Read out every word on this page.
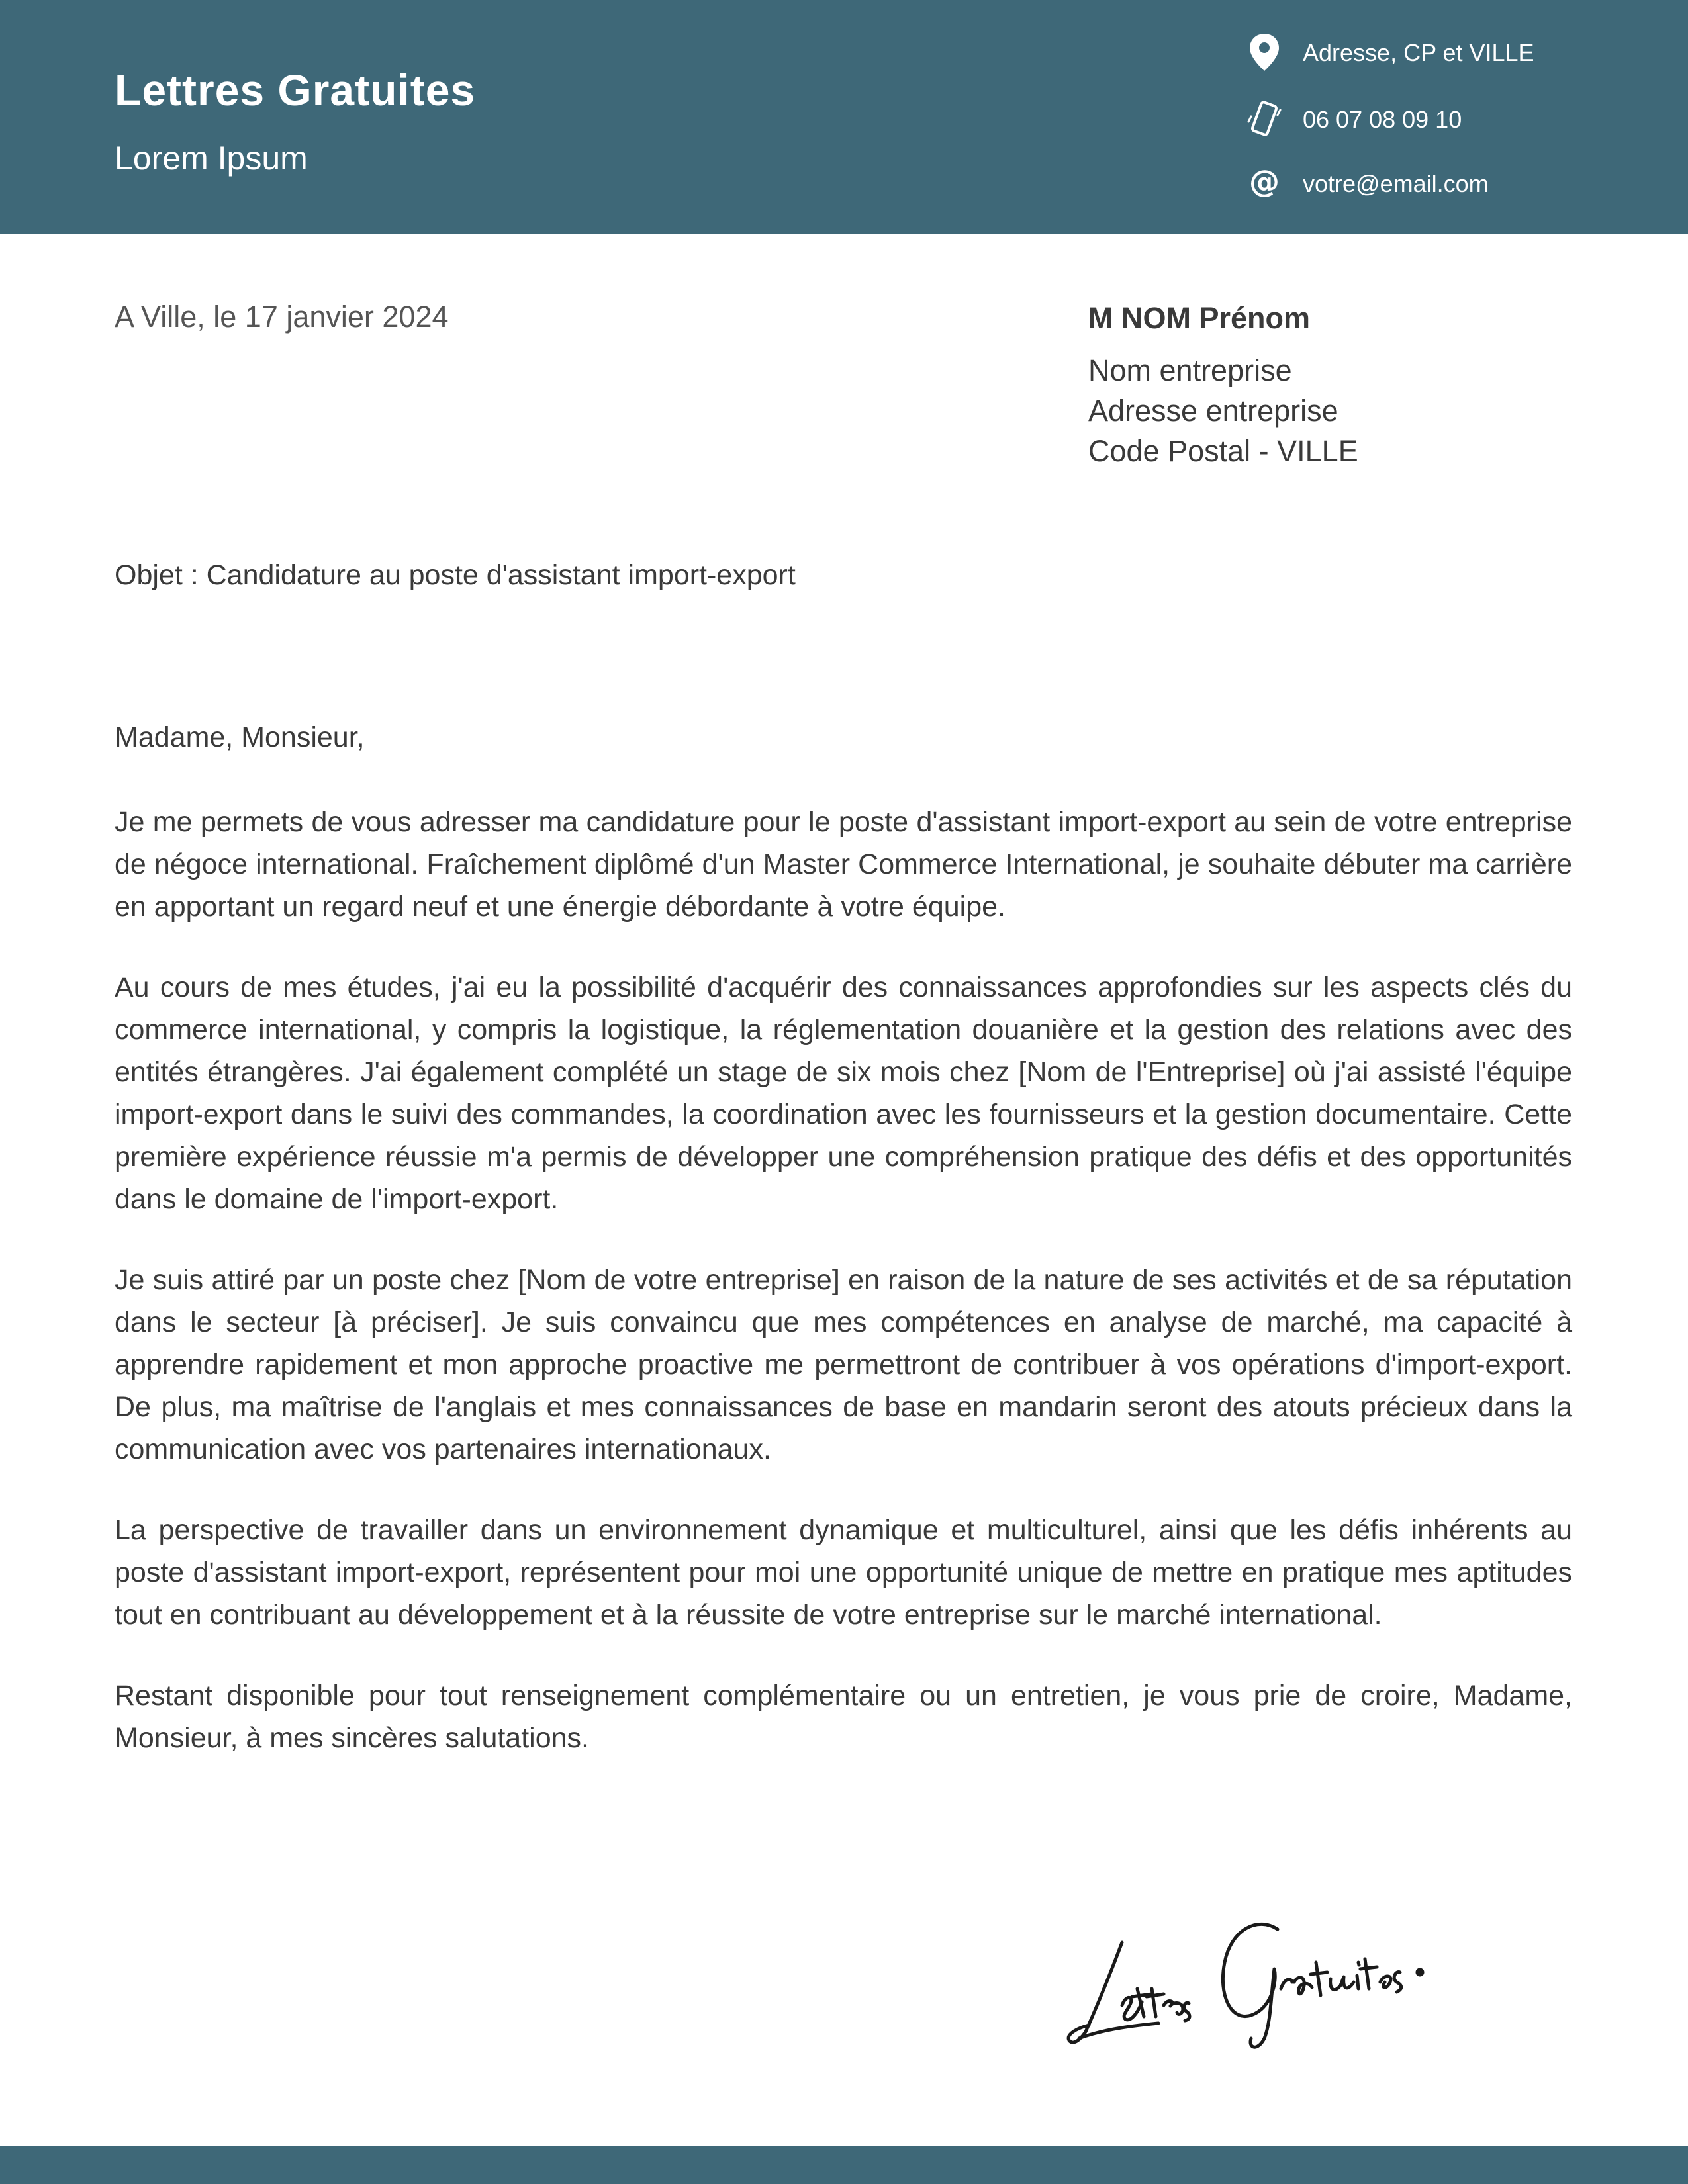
Lettres Gratuites
Lorem Ipsum
Adresse, CP et VILLE
06 07 08 09 10
@ votre@email.com
A Ville, le 17 janvier 2024	M NOM Prénom
Nom entreprise
Adresse entreprise
Code Postal - VILLE
Objet : Candidature au poste d'assistant import-export
Madame, Monsieur,

Je me permets de vous adresser ma candidature pour le poste d'assistant import-export au sein de votre entreprise de négoce international. Fraîchement diplômé d'un Master Commerce International, je souhaite débuter ma carrière en apportant un regard neuf et une énergie débordante à votre équipe.

Au cours de mes études, j'ai eu la possibilité d'acquérir des connaissances approfondies sur les aspects clés du commerce international, y compris la logistique, la réglementation douanière et la gestion des relations avec des entités étrangères. J'ai également complété un stage de six mois chez [Nom de l'Entreprise] où j'ai assisté l'équipe import-export dans le suivi des commandes, la coordination avec les fournisseurs et la gestion documentaire. Cette première expérience réussie m'a permis de développer une compréhension pratique des défis et des opportunités dans le domaine de l'import-export.

Je suis attiré par un poste chez [Nom de votre entreprise] en raison de la nature de ses activités et de sa réputation dans le secteur [à préciser]. Je suis convaincu que mes compétences en analyse de marché, ma capacité à apprendre rapidement et mon approche proactive me permettront de contribuer à vos opérations d'import-export. De plus, ma maîtrise de l'anglais et mes connaissances de base en mandarin seront des atouts précieux dans la communication avec vos partenaires internationaux.

La perspective de travailler dans un environnement dynamique et multiculturel, ainsi que les défis inhérents au poste d'assistant import-export, représentent pour moi une opportunité unique de mettre en pratique mes aptitudes tout en contribuant au développement et à la réussite de votre entreprise sur le marché international.

Restant disponible pour tout renseignement complémentaire ou un entretien, je vous prie de croire, Madame, Monsieur, à mes sincères salutations.
